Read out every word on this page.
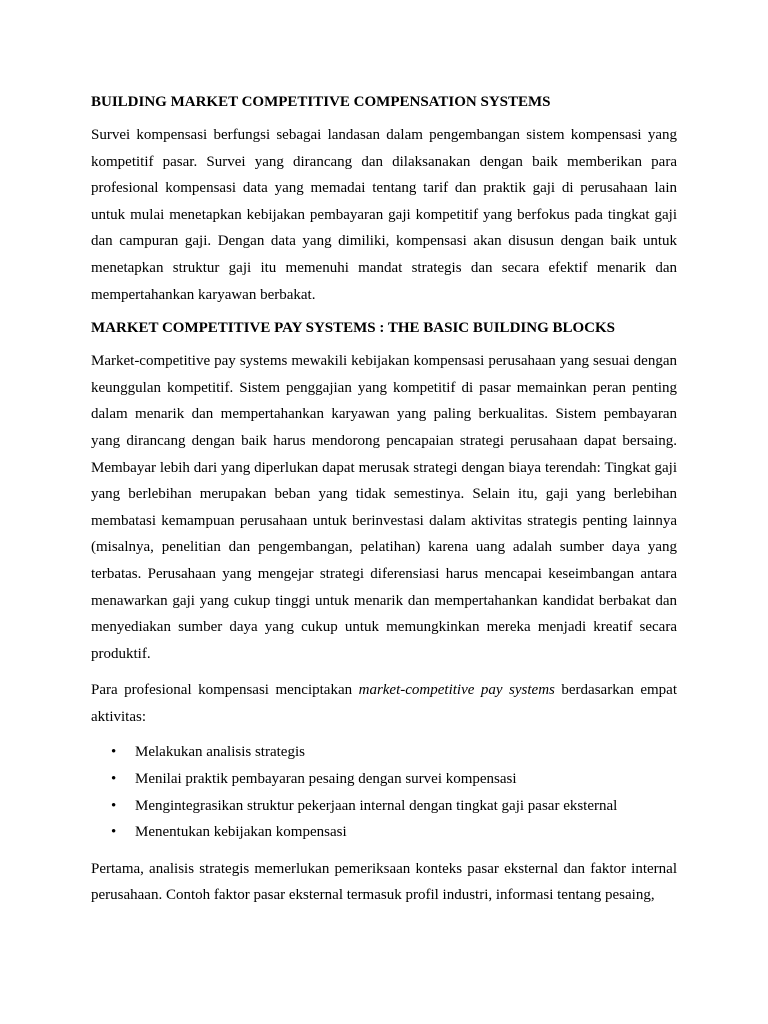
BUILDING MARKET COMPETITIVE COMPENSATION SYSTEMS

Survei kompensasi berfungsi sebagai landasan dalam pengembangan sistem kompensasi yang kompetitif pasar. Survei yang dirancang dan dilaksanakan dengan baik memberikan para profesional kompensasi data yang memadai tentang tarif dan praktik gaji di perusahaan lain untuk mulai menetapkan kebijakan pembayaran gaji kompetitif yang berfokus pada tingkat gaji dan campuran gaji. Dengan data yang dimiliki, kompensasi akan disusun dengan baik untuk menetapkan struktur gaji itu memenuhi mandat strategis dan secara efektif menarik dan mempertahankan karyawan berbakat.

MARKET COMPETITIVE PAY SYSTEMS : THE BASIC BUILDING BLOCKS

Market-competitive pay systems mewakili kebijakan kompensasi perusahaan yang sesuai dengan keunggulan kompetitif. Sistem penggajian yang kompetitif di pasar memainkan peran penting dalam menarik dan mempertahankan karyawan yang paling berkualitas. Sistem pembayaran yang dirancang dengan baik harus mendorong pencapaian strategi perusahaan dapat bersaing. Membayar lebih dari yang diperlukan dapat merusak strategi dengan biaya terendah: Tingkat gaji yang berlebihan merupakan beban yang tidak semestinya. Selain itu, gaji yang berlebihan membatasi kemampuan perusahaan untuk berinvestasi dalam aktivitas strategis penting lainnya (misalnya, penelitian dan pengembangan, pelatihan) karena uang adalah sumber daya yang terbatas. Perusahaan yang mengejar strategi diferensiasi harus mencapai keseimbangan antara menawarkan gaji yang cukup tinggi untuk menarik dan mempertahankan kandidat berbakat dan menyediakan sumber daya yang cukup untuk memungkinkan mereka menjadi kreatif secara produktif.

Para profesional kompensasi menciptakan market-competitive pay systems berdasarkan empat aktivitas:

• Melakukan analisis strategis
• Menilai praktik pembayaran pesaing dengan survei kompensasi
• Mengintegrasikan struktur pekerjaan internal dengan tingkat gaji pasar eksternal
• Menentukan kebijakan kompensasi

Pertama, analisis strategis memerlukan pemeriksaan konteks pasar eksternal dan faktor internal perusahaan. Contoh faktor pasar eksternal termasuk profil industri, informasi tentang pesaing,
